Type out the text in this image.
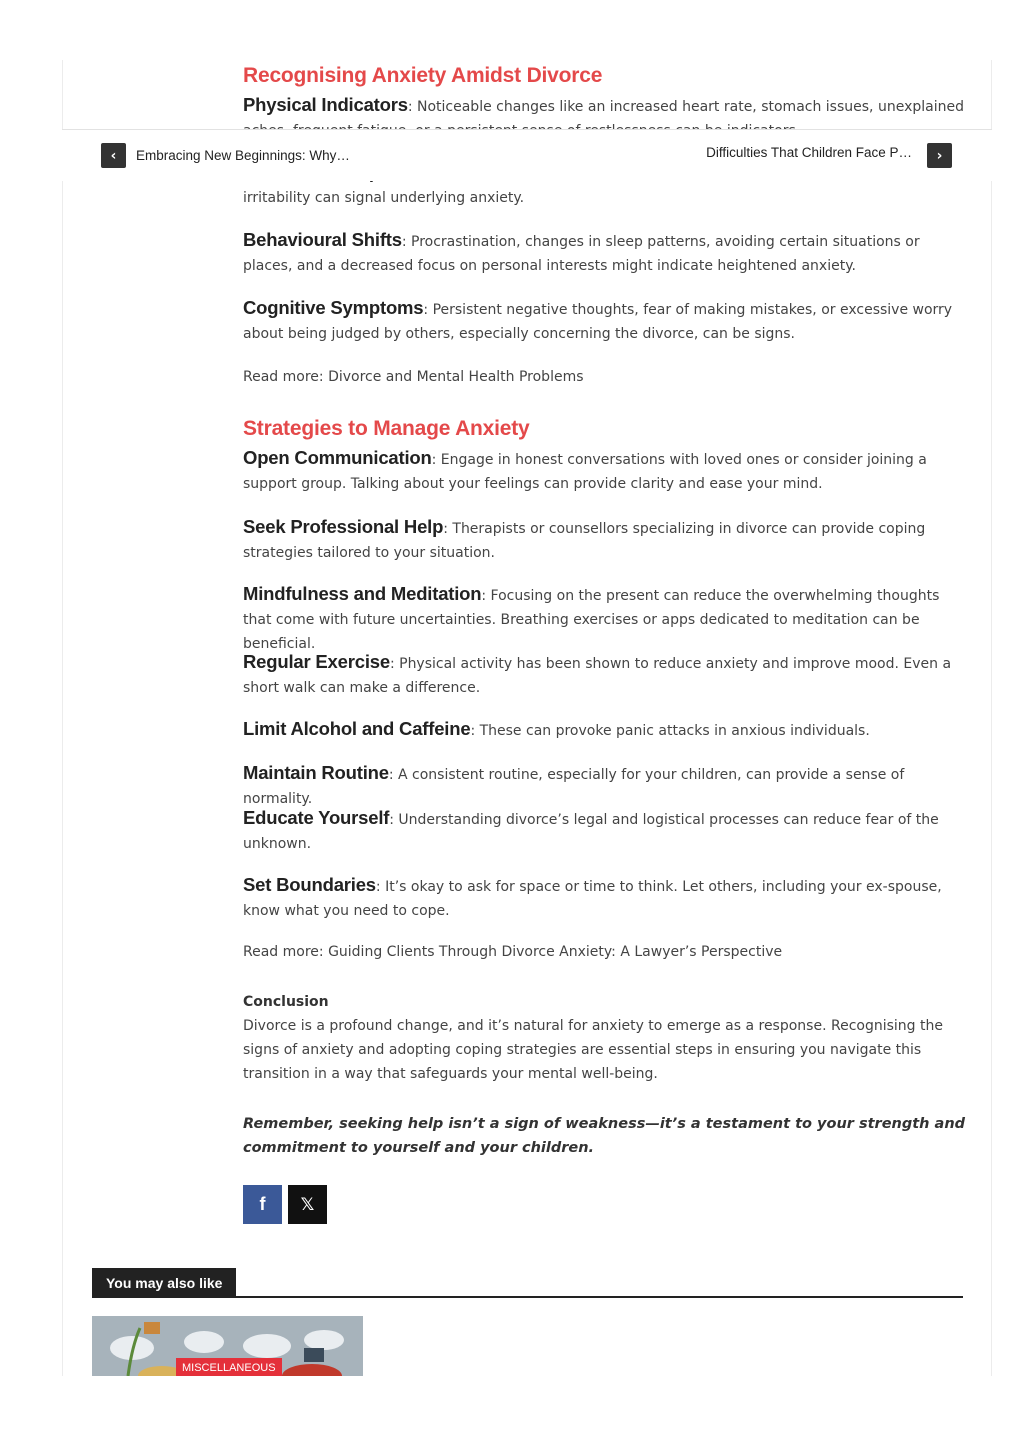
Recognising Anxiety Amidst Divorce

Physical Indicators: Noticeable changes like an increased heart rate, stomach issues, unexplained

irritability can signal underlying anxiety.

Behavioural Shifts: Procrastination, changes in sleep patterns, avoiding certain situations or places, and a decreased focus on personal interests might indicate heightened anxiety.

Cognitive Symptoms: Persistent negative thoughts, fear of making mistakes, or excessive worry about being judged by others, especially concerning the divorce, can be signs.

Read more: Divorce and Mental Health Problems

Strategies to Manage Anxiety

Open Communication: Engage in honest conversations with loved ones or consider joining a support group. Talking about your feelings can provide clarity and ease your mind.

Seek Professional Help: Therapists or counsellors specializing in divorce can provide coping strategies tailored to your situation.

Mindfulness and Meditation: Focusing on the present can reduce the overwhelming thoughts that come with future uncertainties. Breathing exercises or apps dedicated to meditation can be beneficial.

Regular Exercise: Physical activity has been shown to reduce anxiety and improve mood. Even a short walk can make a difference.

Limit Alcohol and Caffeine: These can provoke panic attacks in anxious individuals.

Maintain Routine: A consistent routine, especially for your children, can provide a sense of normality.

Educate Yourself: Understanding divorce’s legal and logistical processes can reduce fear of the unknown.

Set Boundaries: It’s okay to ask for space or time to think. Let others, including your ex-spouse, know what you need to cope.

Read more: Guiding Clients Through Divorce Anxiety: A Lawyer’s Perspective

Conclusion

Divorce is a profound change, and it’s natural for anxiety to emerge as a response. Recognising the signs of anxiety and adopting coping strategies are essential steps in ensuring you navigate this transition in a way that safeguards your mental well-being.

Remember, seeking help isn’t a sign of weakness—it’s a testament to your strength and commitment to yourself and your children.

f 𝕏
You may also like
MISCELLANEOUS
‹ Embracing New Beginnings: Why…	Difficulties That Children Face P… ›
